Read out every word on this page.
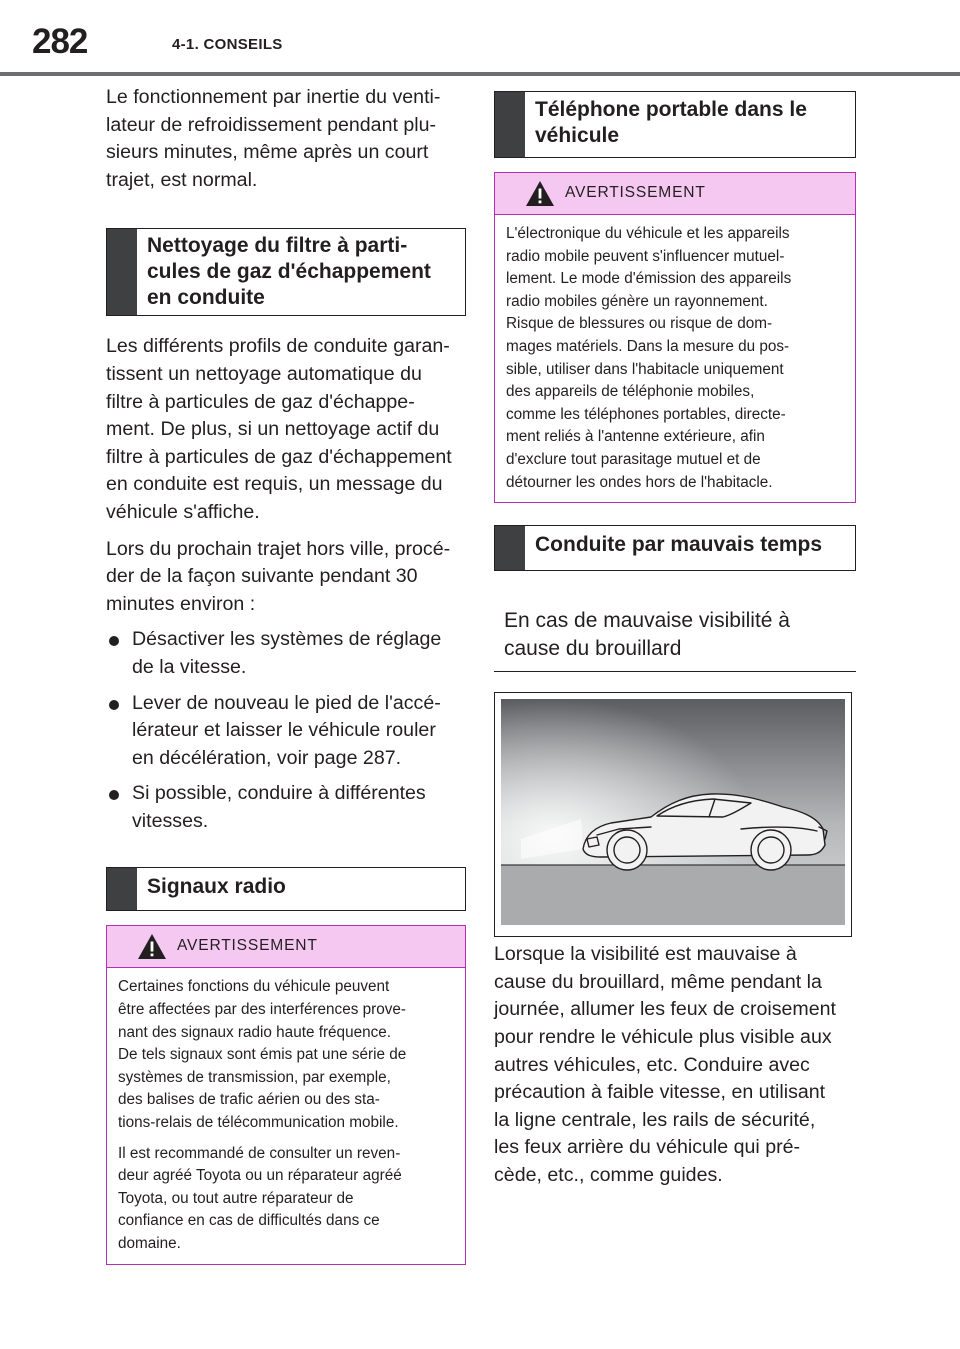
282	4-1. CONSEILS

Le fonctionnement par inertie du venti-
lateur de refroidissement pendant plu-
sieurs minutes, même après un court
trajet, est normal.

Nettoyage du filtre à parti-
cules de gaz d'échappement
en conduite

Les différents profils de conduite garan-
tissent un nettoyage automatique du
filtre à particules de gaz d'échappe-
ment. De plus, si un nettoyage actif du
filtre à particules de gaz d'échappement
en conduite est requis, un message du
véhicule s'affiche.

Lors du prochain trajet hors ville, procé-
der de la façon suivante pendant 30
minutes environ :

Désactiver les systèmes de réglage
de la vitesse.
Lever de nouveau le pied de l'accé-
lérateur et laisser le véhicule rouler
en décélération, voir page 287.
Si possible, conduire à différentes
vitesses.
Signaux radio
AVERTISSEMENT

Certaines fonctions du véhicule peuvent
être affectées par des interférences prove-
nant des signaux radio haute fréquence.
De tels signaux sont émis pat une série de
systèmes de transmission, par exemple,
des balises de trafic aérien ou des sta-
tions-relais de télécommunication mobile.

Il est recommandé de consulter un reven-
deur agréé Toyota ou un réparateur agréé
Toyota, ou tout autre réparateur de
confiance en cas de difficultés dans ce
domaine.

Téléphone portable dans le
véhicule
AVERTISSEMENT

L'électronique du véhicule et les appareils
radio mobile peuvent s'influencer mutuel-
lement. Le mode d'émission des appareils
radio mobiles génère un rayonnement.
Risque de blessures ou risque de dom-
mages matériels. Dans la mesure du pos-
sible, utiliser dans l'habitacle uniquement
des appareils de téléphonie mobiles,
comme les téléphones portables, directe-
ment reliés à l'antenne extérieure, afin
d'exclure tout parasitage mutuel et de
détourner les ondes hors de l'habitacle.

Conduite par mauvais temps
En cas de mauvaise visibilité à
cause du brouillard

Lorsque la visibilité est mauvaise à
cause du brouillard, même pendant la
journée, allumer les feux de croisement
pour rendre le véhicule plus visible aux
autres véhicules, etc. Conduire avec
précaution à faible vitesse, en utilisant
la ligne centrale, les rails de sécurité,
les feux arrière du véhicule qui pré-
cède, etc., comme guides.
